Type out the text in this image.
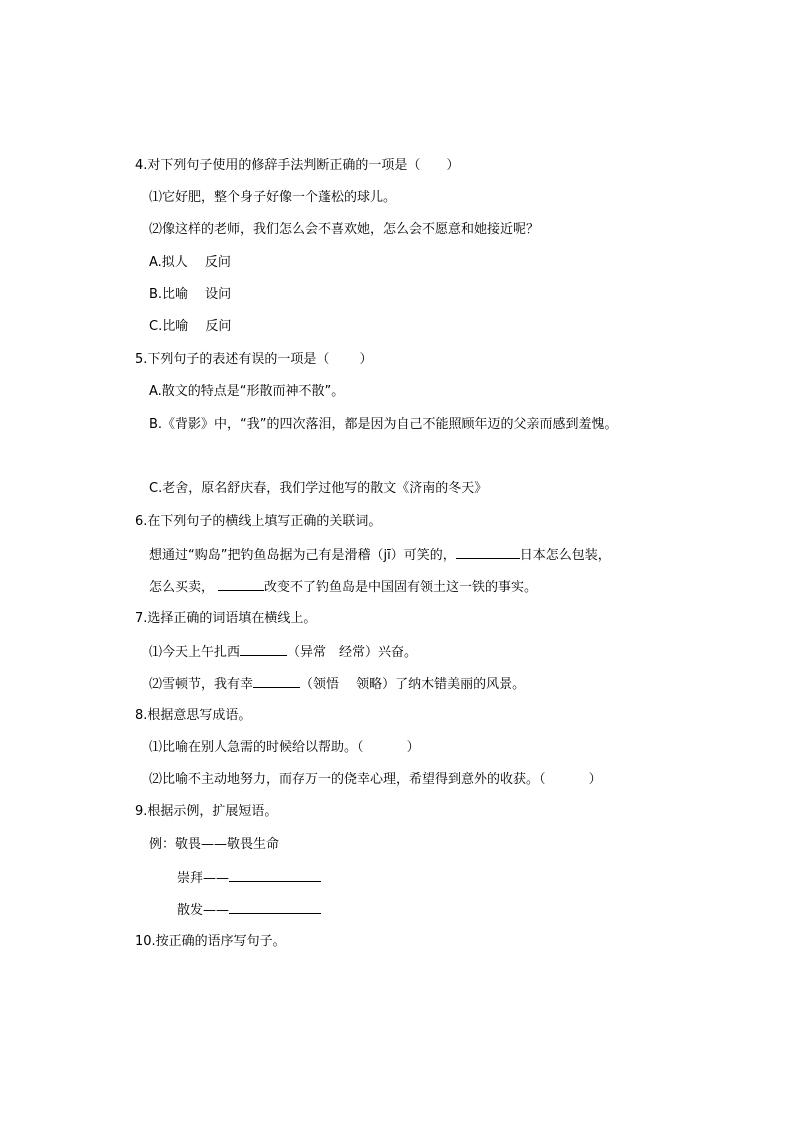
4.对下列句子使用的修辞手法判断正确的一项是（　　）
⑴它好肥，整个身子好像一个蓬松的球儿。
⑵像这样的老师，我们怎么会不喜欢她，怎么会不愿意和她接近呢？
A.拟人　 反问
B.比喻　 设问
C.比喻　 反问
5.下列句子的表述有误的一项是（　　 ）
A.散文的特点是“形散而神不散”。
B.《背影》中，“我”的四次落泪，都是因为自己不能照顾年迈的父亲而感到羞愧。
C.老舍，原名舒庆春，我们学过他写的散文《济南的冬天》
6.在下列句子的横线上填写正确的关联词。
想通过“购岛”把钓鱼岛据为己有是滑稽（jī）可笑的，	日本怎么包装，
怎么买卖，	改变不了钓鱼岛是中国固有领土这一铁的事实。
7.选择正确的词语填在横线上。
⑴今天上午扎西	（异常　经常）兴奋。
⑵雪顿节，我有幸	（领悟　 领略）了纳木错美丽的风景。
8.根据意思写成语。
⑴比喻在别人急需的时候给以帮助。（　　　 ）
⑵比喻不主动地努力，而存万一的侥幸心理，希望得到意外的收获。（　　　 ）
9.根据示例，扩展短语。
例：敬畏——敬畏生命
崇拜——
散发——
10.按正确的语序写句子。
